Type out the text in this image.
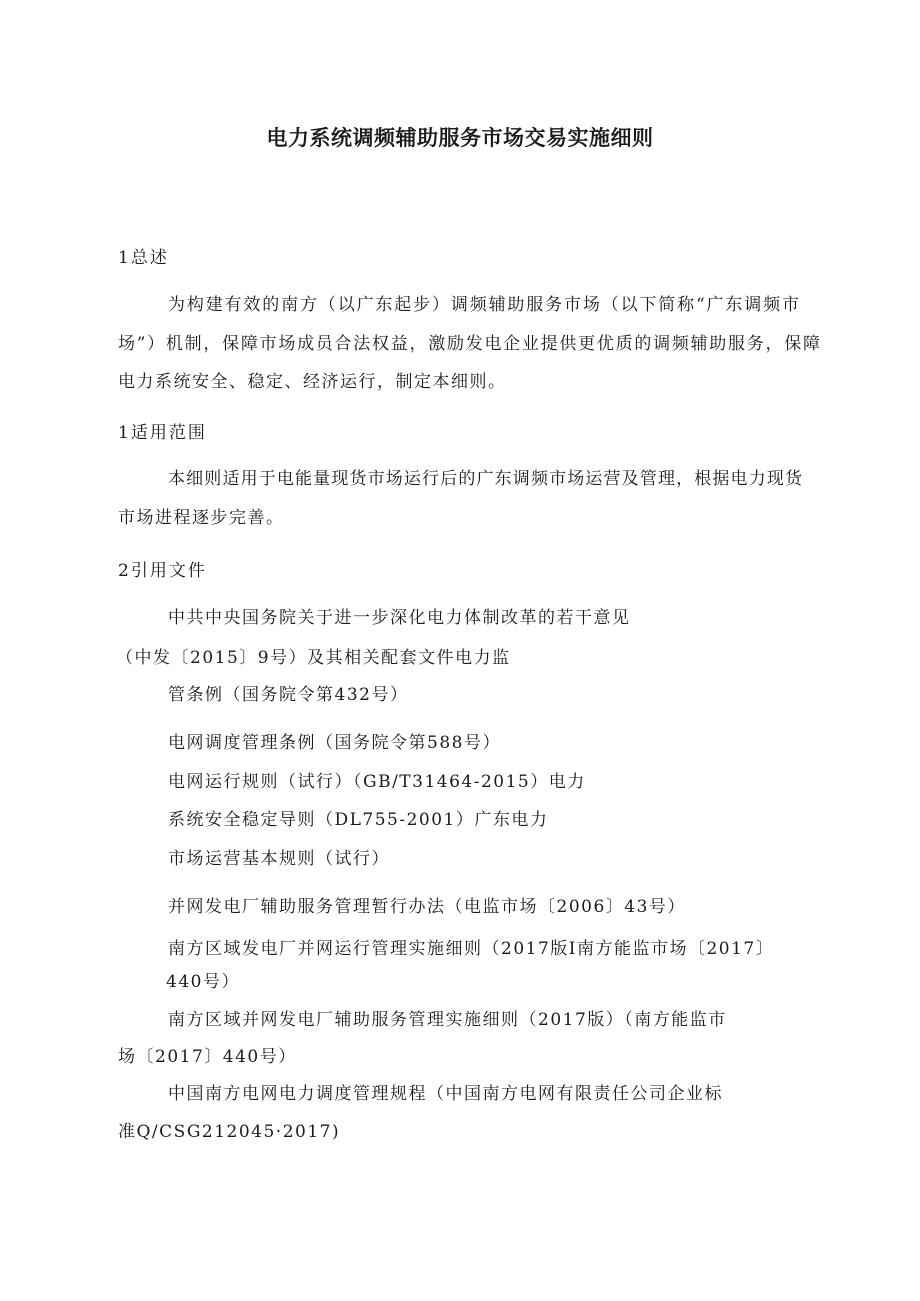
电力系统调频辅助服务市场交易实施细则
1总述
为构建有效的南方（以广东起步）调频辅助服务市场（以下简称“广东调频市
场”）机制，保障市场成员合法权益，激励发电企业提供更优质的调频辅助服务，保障
电力系统安全、稳定、经济运行，制定本细则。
1适用范围
本细则适用于电能量现货市场运行后的广东调频市场运营及管理，根据电力现货
市场进程逐步完善。
2引用文件
中共中央国务院关于进一步深化电力体制改革的若干意见
（中发〔2015〕9号）及其相关配套文件电力监
管条例（国务院令第432号）
电网调度管理条例（国务院令第588号）
电网运行规则（试行）（GB/T31464-2015）电力
系统安全稳定导则（DL755-2001）广东电力
市场运营基本规则（试行）
并网发电厂辅助服务管理暂行办法（电监市场〔2006〕43号）
南方区域发电厂并网运行管理实施细则（2017版I南方能监市场〔2017〕
440号）
南方区域并网发电厂辅助服务管理实施细则（2017版）（南方能监市
场〔2017〕440号）
中国南方电网电力调度管理规程（中国南方电网有限责任公司企业标
准Q/CSG212045·2017)
